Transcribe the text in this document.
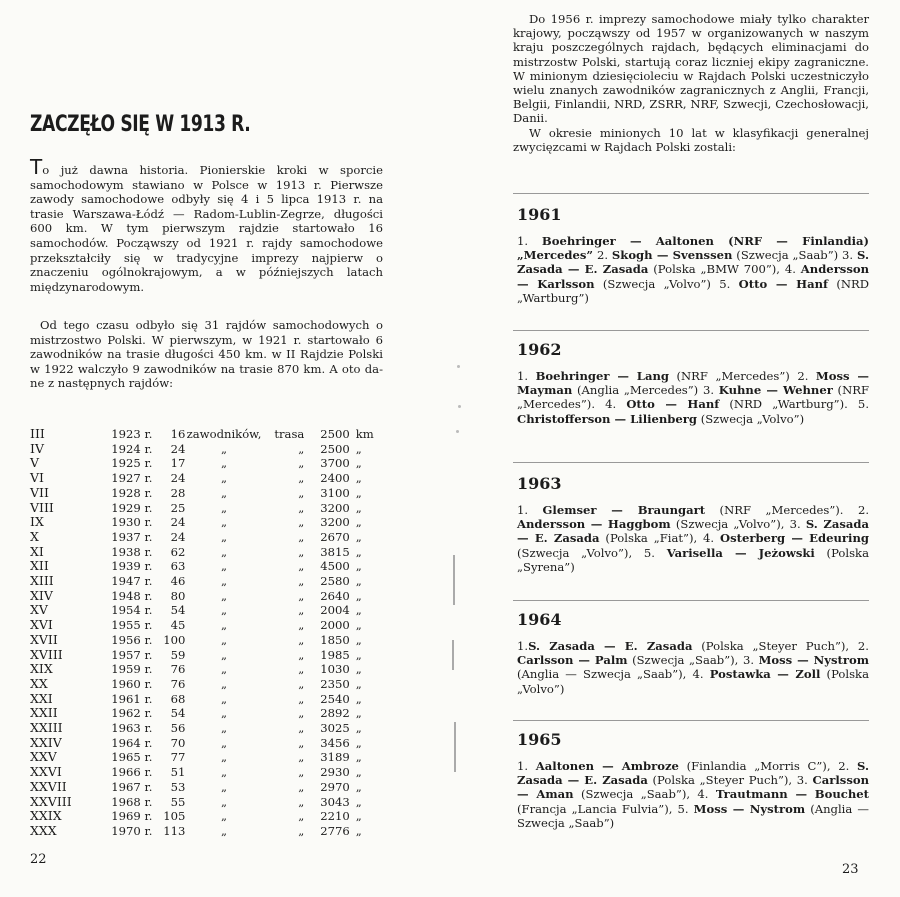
ZACZĘŁO SIĘ W 1913 R.

To już dawna historia. Pionierskie kroki w sporcie samochodowym stawiano w Polsce w 1913 r. Pierwsze zawody samochodowe odbyły się 4 i 5 lipca 1913 r. na trasie Warszawa-Łódź — Radom-Lublin-Zegrze, długości 600 km. W tym pierwszym rajdzie startowało 16 samochodów. Począwszy od 1921 r. rajdy samochodowe przekształciły się w tradycyjne imprezy najpierw o znaczeniu ogólnokrajowym, a w późniejszych latach międzynarodowym.

Od tego czasu odbyło się 31 rajdów samochodowych o mistrzostwo Polski. W pierwszym, w 1921 r. startowało 6 zawodników na trasie długości 450 km. w II Rajdzie Polski w 1922 walczyło 9 zawodników na trasie 870 km. A oto dane z następnych rajdów:

III	1923 r.	16	zawodników,	trasa	2500	km
IV	1924 r.	24	„	„	2500	„
V	1925 r.	17	„	„	3700	„
VI	1927 r.	24	„	„	2400	„
VII	1928 r.	28	„	„	3100	„
VIII	1929 r.	25	„	„	3200	„
IX	1930 r.	24	„	„	3200	„
X	1937 r.	24	„	„	2670	„
XI	1938 r.	62	„	„	3815	„
XII	1939 r.	63	„	„	4500	„
XIII	1947 r.	46	„	„	2580	„
XIV	1948 r.	80	„	„	2640	„
XV	1954 r.	54	„	„	2004	„
XVI	1955 r.	45	„	„	2000	„
XVII	1956 r.	100	„	„	1850	„
XVIII	1957 r.	59	„	„	1985	„
XIX	1959 r.	76	„	„	1030	„
XX	1960 r.	76	„	„	2350	„
XXI	1961 r.	68	„	„	2540	„
XXII	1962 r.	54	„	„	2892	„
XXIII	1963 r.	56	„	„	3025	„
XXIV	1964 r.	70	„	„	3456	„
XXV	1965 r.	77	„	„	3189	„
XXVI	1966 r.	51	„	„	2930	„
XXVII	1967 r.	53	„	„	2970	„
XXVIII	1968 r.	55	„	„	3043	„
XXIX	1969 r.	105	„	„	2210	„
XXX	1970 r.	113	„	„	2776	„
22

Do 1956 r. imprezy samochodowe miały tylko charakter krajowy, począwszy od 1957 w organizowanych w naszym kraju poszczególnych rajdach, będących eliminacjami do mistrzostw Polski, startują coraz liczniej ekipy zagraniczne. W minionym dziesięcioleciu w Rajdach Polski uczestniczyło wielu znanych zawodników zagranicznych z Anglii, Francji, Belgii, Finlandii, NRD, ZSRR, NRF, Szwecji, Czechosłowacji, Danii.

W okresie minionych 10 lat w klasyfikacji generalnej zwycięzcami w Rajdach Polski zostali:

1961
1. Boehringer — Aaltonen (NRF — Finlandia) „Mercedes” 2. Skogh — Svenssen (Szwecja „Saab”) 3. S. Zasada — E. Zasada (Polska „BMW 700”), 4. Andersson — Karlsson (Szwecja „Volvo”) 5. Otto — Hanf (NRD „Wartburg”)
1962
1. Boehringer — Lang (NRF „Mercedes”) 2. Moss — Mayman (Anglia „Mercedes”) 3. Kuhne — Wehner (NRF „Mercedes”). 4. Otto — Hanf (NRD „Wartburg”). 5. Christofferson — Lilienberg (Szwecja „Volvo”)
1963
1. Glemser — Braungart (NRF „Mercedes”). 2. Andersson — Haggbom (Szwecja „Volvo”), 3. S. Zasada — E. Zasada (Polska „Fiat”), 4. Osterberg — Edeuring (Szwecja „Volvo”), 5. Varisella — Jeżowski (Polska „Syrena”)
1964
1.S. Zasada — E. Zasada (Polska „Steyer Puch”), 2. Carlsson — Palm (Szwecja „Saab”), 3. Moss — Nystrom (Anglia — Szwecja „Saab”), 4. Postawka — Zoll (Polska „Volvo”)
1965
1. Aaltonen — Ambroze (Finlandia „Morris C”), 2. S. Zasada — E. Zasada (Polska „Steyer Puch”), 3. Carlsson — Aman (Szwecja „Saab”), 4. Trautmann — Bouchet (Francja „Lancia Fulvia”), 5. Moss — Nystrom (Anglia — Szwecja „Saab”)
23
